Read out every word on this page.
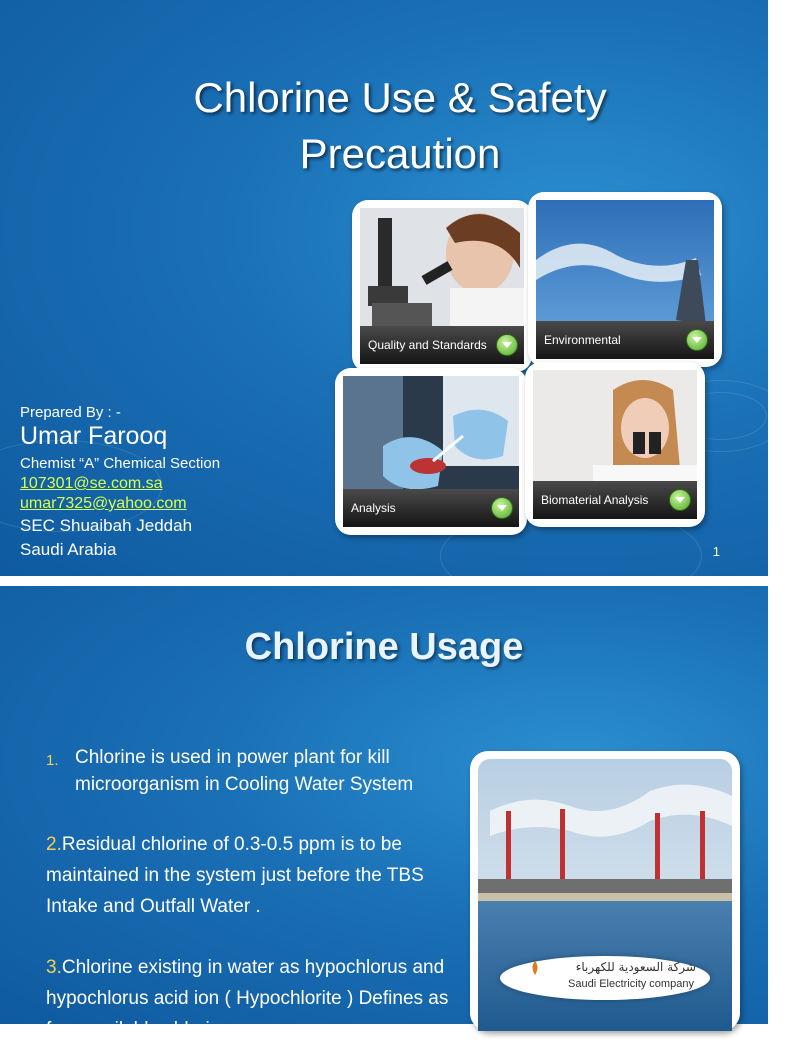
Chlorine Use & Safety
Precaution
Quality and Standards	Environmental
Analysis
Biomaterial Analysis
Prepared By : -
Umar Farooq
Chemist “A” Chemical Section
107301@se.com.sa
umar7325@yahoo.com
SEC Shuaibah Jeddah
Saudi Arabia	1
Chlorine Usage
1. Chlorine is used in power plant for kill microorganism in Cooling Water System
2.Residual chlorine of 0.3-0.5 ppm is to be maintained in the system just before the TBS Intake and Outfall Water .
3.Chlorine existing in water as hypochlorus and hypochlorus acid ion ( Hypochlorite ) Defines as free available chlorine
شركة السعودية للكهرباء
Saudi Electricity company
